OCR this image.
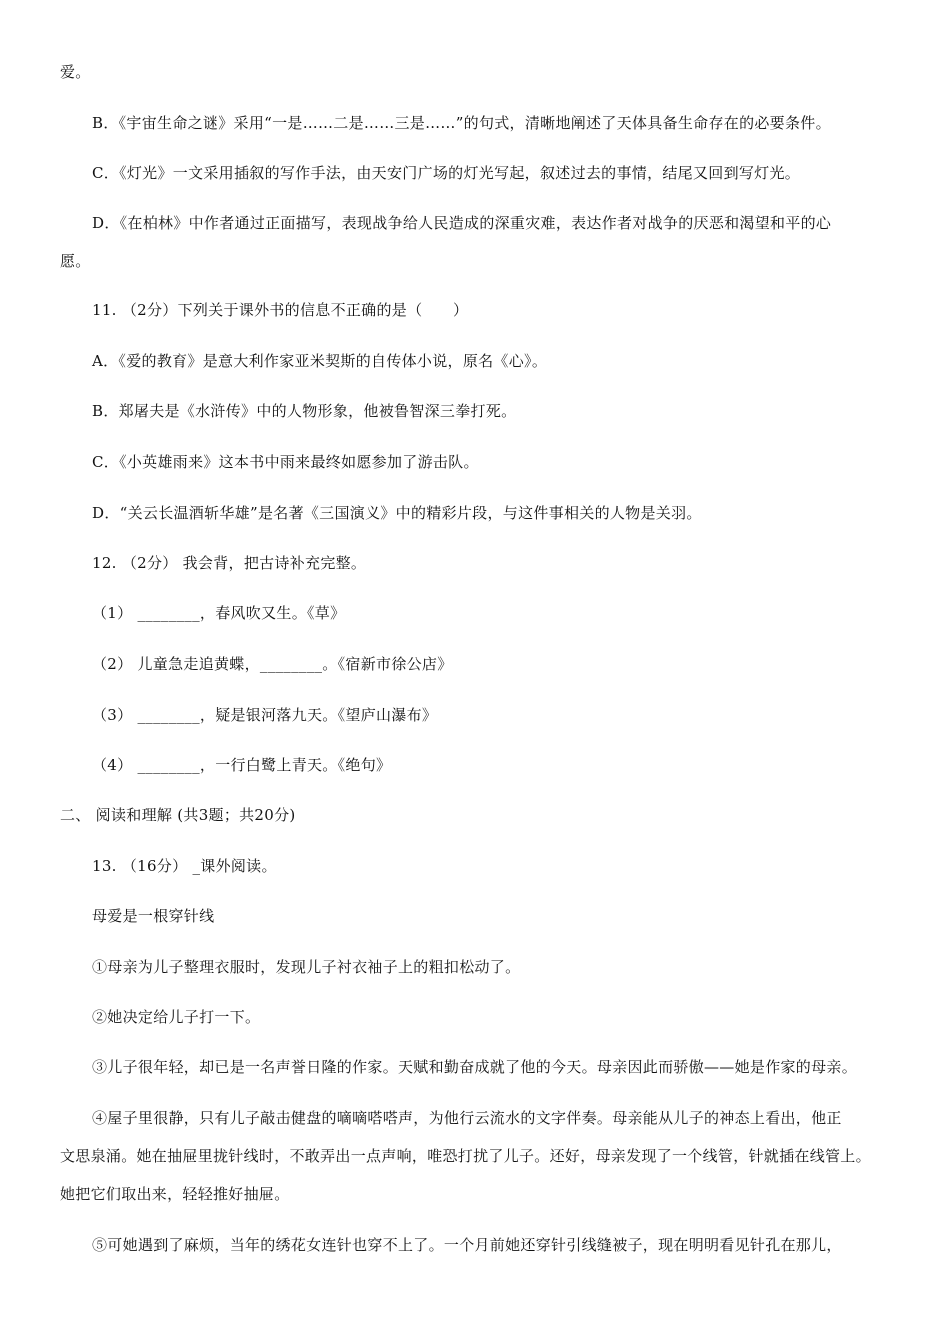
爱。
B．《宇宙生命之谜》采用“一是……二是……三是……”的句式，清晰地阐述了天体具备生命存在的必要条件。
C．《灯光》一文采用插叙的写作手法，由天安门广场的灯光写起，叙述过去的事情，结尾又回到写灯光。
D．《在柏林》中作者通过正面描写，表现战争给人民造成的深重灾难，表达作者对战争的厌恶和渴望和平的心
愿。
11. （2分）下列关于课外书的信息不正确的是（　　）
A．《爱的教育》是意大利作家亚米契斯的自传体小说，原名《心》。
B．郑屠夫是《水浒传》中的人物形象，他被鲁智深三拳打死。
C．《小英雄雨来》这本书中雨来最终如愿参加了游击队。
D．“关云长温酒斩华雄”是名著《三国演义》中的精彩片段，与这件事相关的人物是关羽。
12. （2分） 我会背，把古诗补充完整。
（1） ________，春风吹又生。《草》
（2） 儿童急走追黄蝶，________。《宿新市徐公店》
（3） ________，疑是银河落九天。《望庐山瀑布》
（4） ________，一行白鹭上青天。《绝句》
二、 阅读和理解 (共3题；共20分)
13. （16分） _课外阅读。
母爱是一根穿针线
①母亲为儿子整理衣服时，发现儿子衬衣袖子上的粗扣松动了。
②她决定给儿子打一下。
③儿子很年轻，却已是一名声誉日隆的作家。天赋和勤奋成就了他的今天。母亲因此而骄傲——她是作家的母亲。
④屋子里很静，只有儿子敲击健盘的嘀嘀嗒嗒声，为他行云流水的文字伴奏。母亲能从儿子的神态上看出，他正
文思泉涌。她在抽屉里拢针线时，不敢弄出一点声响，唯恐打扰了儿子。还好，母亲发现了一个线管，针就插在线管上。
她把它们取出来，轻轻推好抽屉。
⑤可她遇到了麻烦，当年的绣花女连针也穿不上了。一个月前她还穿针引线缝被子，现在明明看见针孔在那儿，
